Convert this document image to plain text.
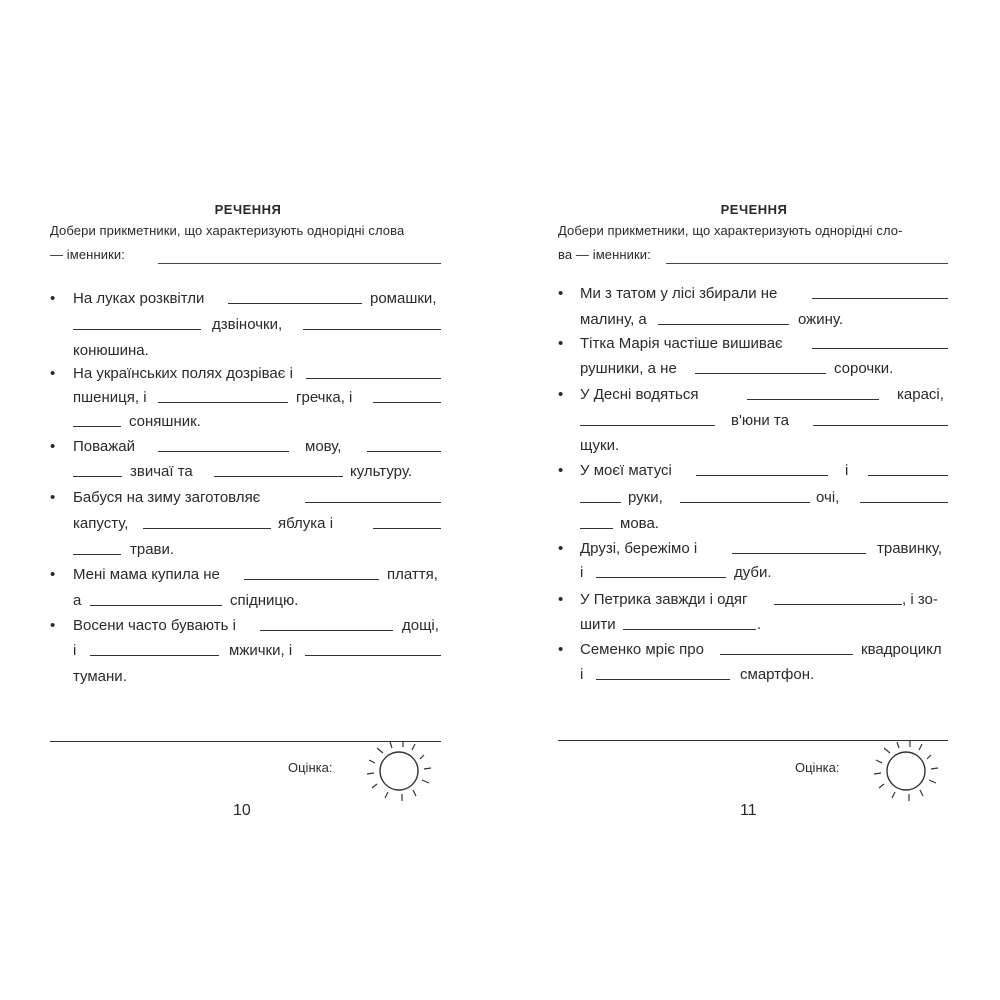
РЕЧЕННЯ
Добери прикметники, що характеризують однорідні слова
— іменники:
• На луках розквітли	ромашки,
дзвіночки,
конюшина.
• На українських полях дозріває і
пшениця, і	гречка, і
соняшник.
• Поважай	мову,
звичаї та	культуру.
• Бабуся на зиму заготовляє
капусту,	яблука і
трави.
• Мені мама купила не	плаття,
а	спідницю.
• Восени часто бувають і	дощі,
і	мжички, і
тумани.
Оцінка:
10
РЕЧЕННЯ
Добери прикметники, що характеризують однорідні сло-
ва — іменники:
• Ми з татом у лісі збирали не
малину, а	ожину.
• Тітка Марія частіше вишиває
рушники, а не	сорочки.
• У Десні водяться	карасі,
в'юни та
щуки.
• У моєї матусі	і
руки,	очі,
мова.
• Друзі, бережімо і	травинку,
і	дуби.
• У Петрика завжди і одяг	, і зо-
шити	.
• Семенко мріє про	квадроцикл
і	смартфон.
Оцінка:
11
